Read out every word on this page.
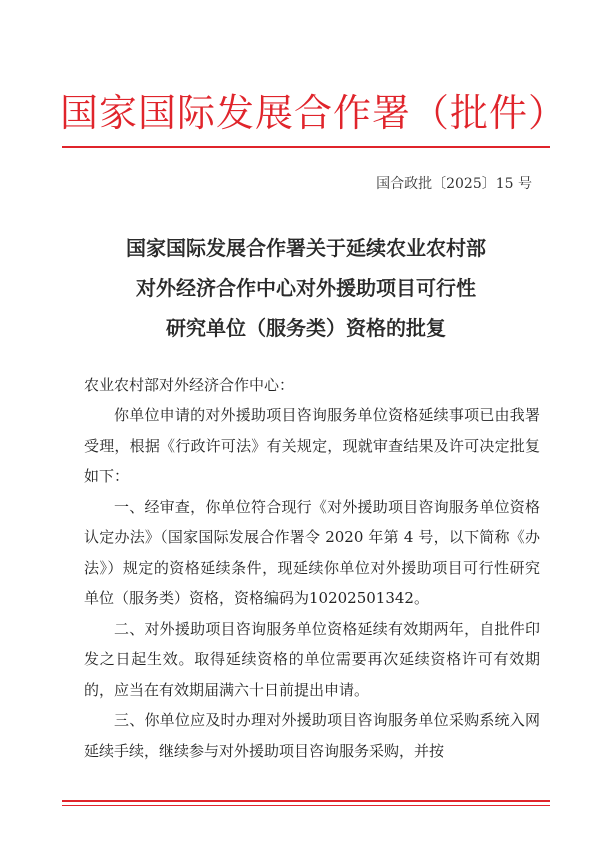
国家国际发展合作署（批件）
国合政批〔2025〕15 号
国家国际发展合作署关于延续农业农村部
对外经济合作中心对外援助项目可行性
研究单位（服务类）资格的批复
农业农村部对外经济合作中心：

你单位申请的对外援助项目咨询服务单位资格延续事项已由我署受理，根据《行政许可法》有关规定，现就审查结果及许可决定批复如下：

一、经审查，你单位符合现行《对外援助项目咨询服务单位资格认定办法》（国家国际发展合作署令 2020 年第 4 号，以下简称《办法》）规定的资格延续条件，现延续你单位对外援助项目可行性研究单位（服务类）资格，资格编码为10202501342。

二、对外援助项目咨询服务单位资格延续有效期两年，自批件印发之日起生效。取得延续资格的单位需要再次延续资格许可有效期的，应当在有效期届满六十日前提出申请。

三、你单位应及时办理对外援助项目咨询服务单位采购系统入网延续手续，继续参与对外援助项目咨询服务采购，并按
